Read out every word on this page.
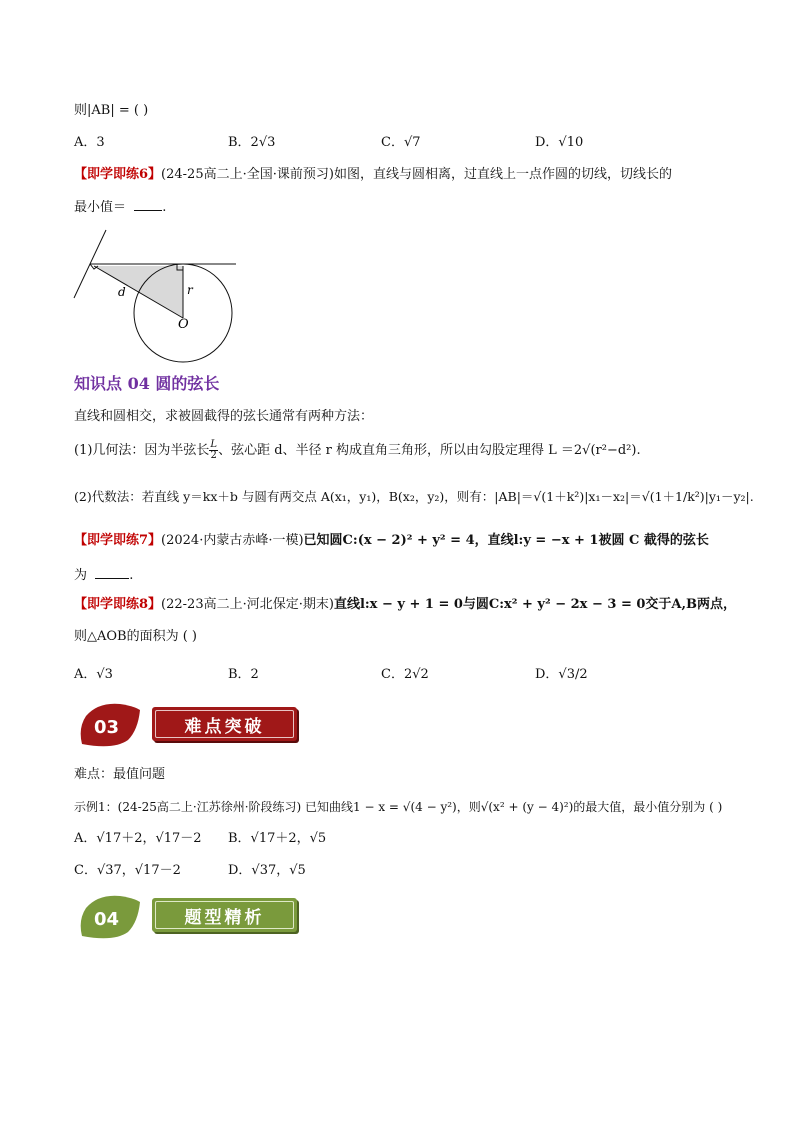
则|AB| = ( )
A．3	B．2√3	C．√7	D．√10
【即学即练6】(24-25高二上·全国·课前预习)如图，直线与圆相离，过直线上一点作圆的切线，切线长的
最小值＝	.
d	r
O
知识点 04 圆的弦长
直线和圆相交，求被圆截得的弦长通常有两种方法：
(1)几何法：因为半弦长 $\frac{L}{2}$ 、弦心距 d、半径 r 构成直角三角形，所以由勾股定理得 L ＝2√(r²−d²).
(2)代数法：若直线 y＝kx＋b 与圆有两交点 A(x₁，y₁)，B(x₂，y₂)，则有：|AB|＝√(1＋k²)|x₁－x₂|＝√(1＋1/k²)|y₁－y₂|.
【即学即练7】(2024·内蒙古赤峰·一模)已知圆C:(x − 2)² + y² = 4，直线l:y = −x + 1被圆 C 截得的弦长
为	.
【即学即练8】(22-23高二上·河北保定·期末)直线l:x − y + 1 = 0与圆C:x² + y² − 2x − 3 = 0交于A,B两点，
则△AOB的面积为 ( )
A．√3	B．2	C．2√2	D．√3/2
03	难点突破
难点：最值问题
示例1：(24-25高二上·江苏徐州·阶段练习) 已知曲线1 − x = √(4 − y²)，则√(x² + (y − 4)²)的最大值，最小值分别为 ( )
A．√17＋2，√17－2 B．√17＋2，√5
C．√37，√17－2	D．√37，√5
04	题型精析
